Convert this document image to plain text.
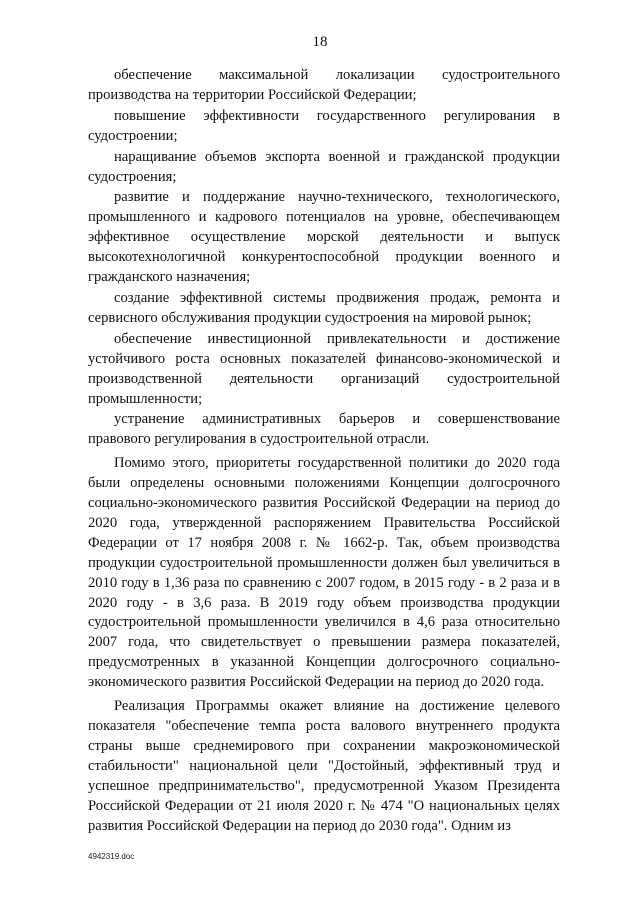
18

обеспечение максимальной локализации судостроительного производства на территории Российской Федерации;

повышение эффективности государственного регулирования в судостроении;

наращивание объемов экспорта военной и гражданской продукции судостроения;

развитие и поддержание научно-технического, технологического, промышленного и кадрового потенциалов на уровне, обеспечивающем эффективное осуществление морской деятельности и выпуск высокотехнологичной конкурентоспособной продукции военного и гражданского назначения;

создание эффективной системы продвижения продаж, ремонта и сервисного обслуживания продукции судостроения на мировой рынок;

обеспечение инвестиционной привлекательности и достижение устойчивого роста основных показателей финансово-экономической и производственной деятельности организаций судостроительной промышленности;

устранение административных барьеров и совершенствование правового регулирования в судостроительной отрасли.

Помимо этого, приоритеты государственной политики до 2020 года были определены основными положениями Концепции долгосрочного социально-экономического развития Российской Федерации на период до 2020 года, утвержденной распоряжением Правительства Российской Федерации от 17 ноября 2008 г. № 1662-р. Так, объем производства продукции судостроительной промышленности должен был увеличиться в 2010 году в 1,36 раза по сравнению с 2007 годом, в 2015 году - в 2 раза и в 2020 году - в 3,6 раза. В 2019 году объем производства продукции судостроительной промышленности увеличился в 4,6 раза относительно 2007 года, что свидетельствует о превышении размера показателей, предусмотренных в указанной Концепции долгосрочного социально-экономического развития Российской Федерации на период до 2020 года.

Реализация Программы окажет влияние на достижение целевого показателя "обеспечение темпа роста валового внутреннего продукта страны выше среднемирового при сохранении макроэкономической стабильности" национальной цели "Достойный, эффективный труд и успешное предпринимательство", предусмотренной Указом Президента Российской Федерации от 21 июля 2020 г. № 474 "О национальных целях развития Российской Федерации на период до 2030 года". Одним из

4942319.doc
